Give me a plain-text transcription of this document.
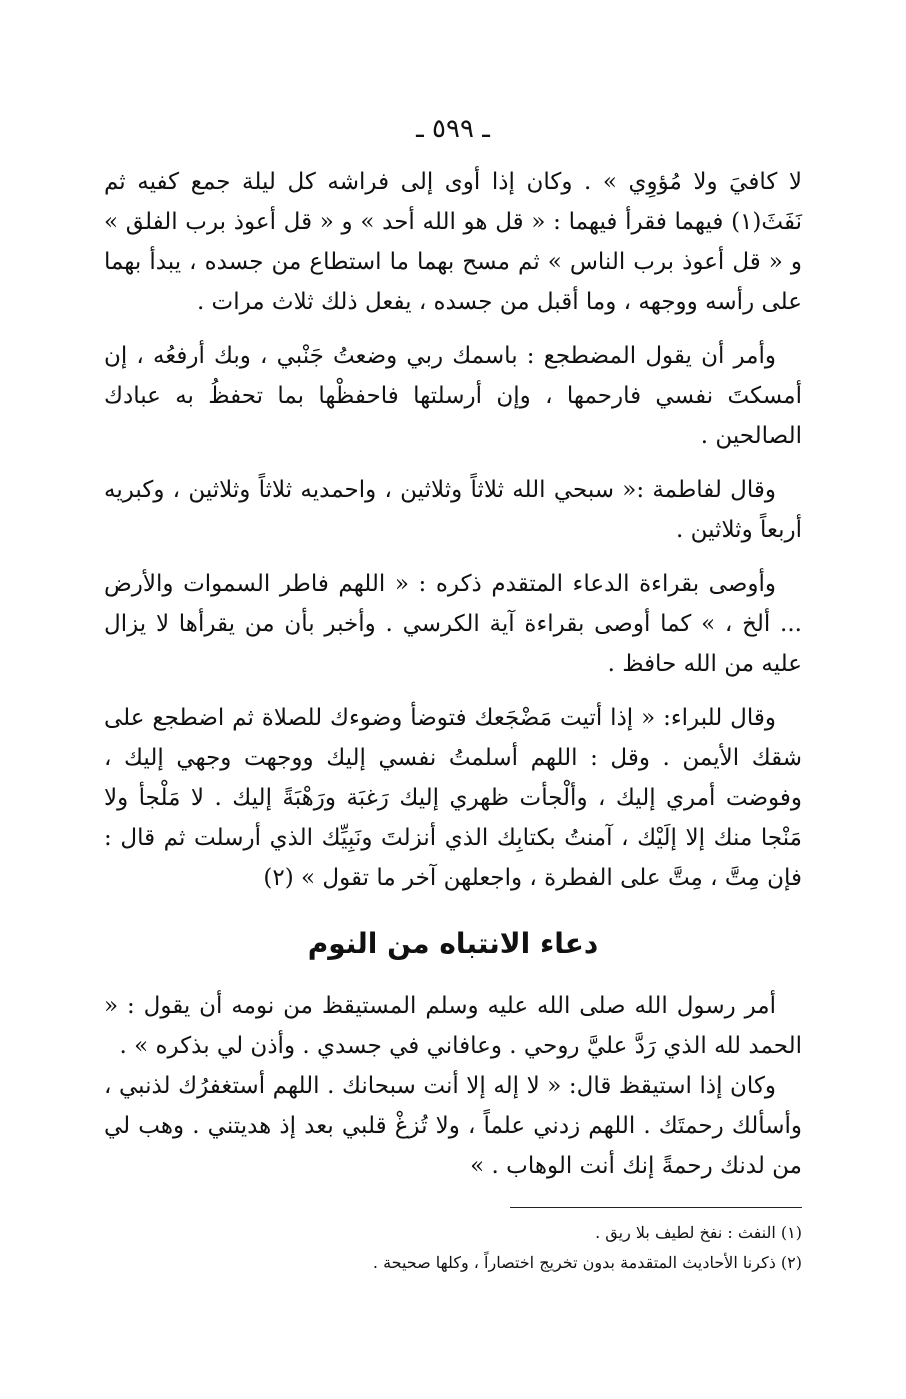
ـ ٥٩٩ ـ

لا كافيَ ولا مُؤوِي » . وكان إذا أوى إلى فراشه كل ليلة جمع كفيه ثم نَفَثَ(١) فيهما فقرأ فيهما : « قل هو الله أحد » و « قل أعوذ برب الفلق » و « قل أعوذ برب الناس » ثم مسح بهما ما استطاع من جسده ، يبدأ بهما على رأسه ووجهه ، وما أقبل من جسده ، يفعل ذلك ثلاث مرات .

وأمر أن يقول المضطجع : باسمك ربي وضعتُ جَنْبي ، وبك أرفعُه ، إن أمسكتَ نفسي فارحمها ، وإن أرسلتها فاحفظْها بما تحفظُ به عبادك الصالحين .

وقال لفاطمة :« سبحي الله ثلاثاً وثلاثين ، واحمديه ثلاثاً وثلاثين ، وكبريه أربعاً وثلاثين .

وأوصى بقراءة الدعاء المتقدم ذكره : « اللهم فاطر السموات والأرض ... ألخ ، » كما أوصى بقراءة آية الكرسي . وأخبر بأن من يقرأها لا يزال عليه من الله حافظ .

وقال للبراء: « إذا أتيت مَضْجَعك فتوضأ وضوءك للصلاة ثم اضطجع على شقك الأيمن . وقل : اللهم أسلمتُ نفسي إليك ووجهت وجهي إليك ، وفوضت أمري إليك ، وألْجأت ظهري إليك رَغبَة ورَهْبَةً إليك . لا مَلْجأ ولا مَنْجا منك إلا إلَيْك ، آمنتُ بكتابِك الذي أنزلتَ ونَبِيِّك الذي أرسلت ثم قال : فإن مِتَّ ، مِتَّ على الفطرة ، واجعلهن آخر ما تقول » (٢)

دعاء الانتباه من النوم

أمر رسول الله صلى الله عليه وسلم المستيقظ من نومه أن يقول : « الحمد لله الذي رَدَّ عليَّ روحي . وعافاني في جسدي . وأذن لي بذكره » .

وكان إذا استيقظ قال: « لا إله إلا أنت سبحانك . اللهم أستغفرُك لذنبي ، وأسألك رحمتَك . اللهم زدني علماً ، ولا تُزغْ قلبي بعد إذ هديتني . وهب لي من لدنك رحمةً إنك أنت الوهاب . »

(١) النفث : نفخ لطيف بلا ريق .

(٢) ذكرنا الأحاديث المتقدمة بدون تخريج اختصاراً ، وكلها صحيحة .
